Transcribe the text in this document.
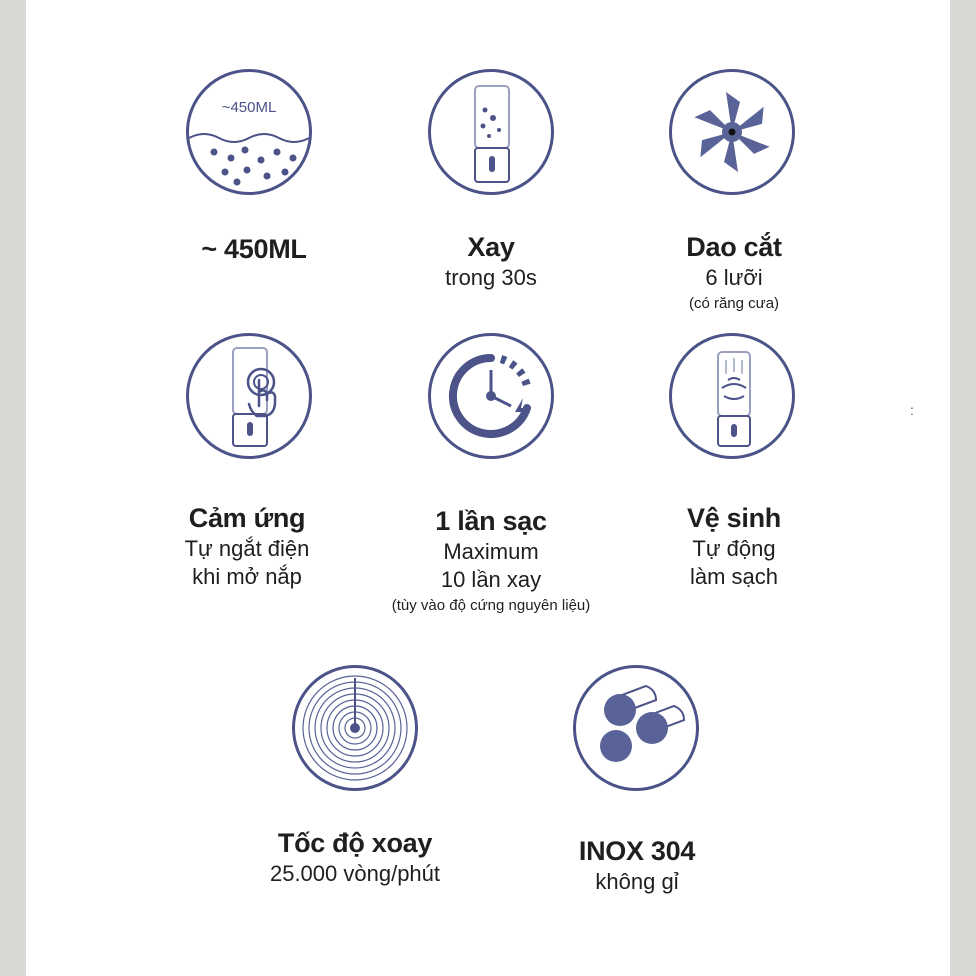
~450ML
~ 450ML	Xay
trong 30s
Dao cắt
6 lưỡi
(có răng cưa)
Cảm ứng
Tự ngắt điện
khi mở nắp
1 lần sạc
Maximum
10 lần xay
(tùy vào độ cứng nguyên liệu)
Vệ sinh
Tự động
làm sạch
Tốc độ xoay
25.000 vòng/phút
INOX 304
không gỉ
:
